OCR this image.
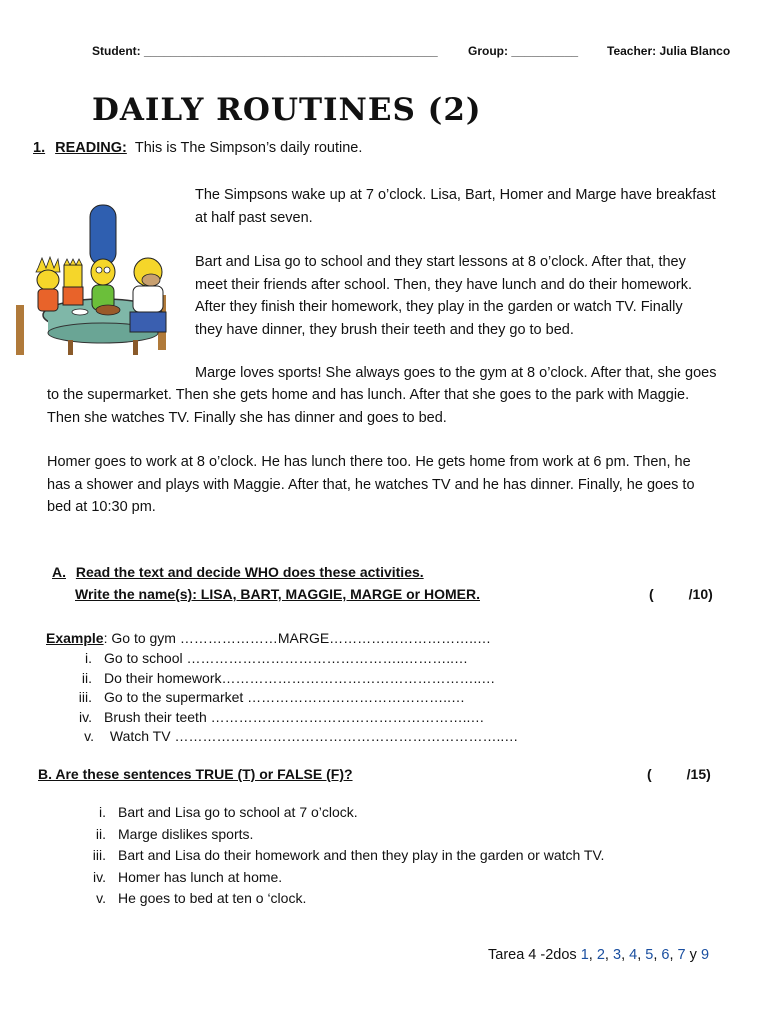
Student: ____________________________________________	Group: __________ Teacher: Julia Blanco
DAILY ROUTINES (2)
1. READING: This is The Simpson’s daily routine.
The Simpsons wake up at 7 o’clock. Lisa, Bart, Homer and Marge have breakfast
at half past seven.
Bart and Lisa go to school and they start lessons at 8 o’clock. After that, they
meet their friends after school. Then, they have lunch and do their homework.
After they finish their homework, they play in the garden or watch TV. Finally
they have dinner, they brush their teeth and they go to bed.
Marge loves sports! She always goes to the gym at 8 o’clock. After that, she goes
to the supermarket. Then she gets home and has lunch. After that she goes to the park with Maggie.
Then she watches TV. Finally she has dinner and goes to bed.
Homer goes to work at 8 o’clock. He has lunch there too. He gets home from work at 6 pm. Then, he
has a shower and plays with Maggie. After that, he watches TV and he has dinner. Finally, he goes to
bed at 10:30 pm.
A. Read the text and decide WHO does these activities.
Write the name(s): LISA, BART, MAGGIE, MARGE or HOMER.	(         /10)
Example: Go to gym …………………MARGE…………………………..…
i. Go to school ………………………………………..………..…
ii. Do their homework………………………………………………..…
iii. Go to the supermarket ……………………………………..…
iv. Brush their teeth ………………………………………………..…
v. Watch TV ……………………………………………………………..…
B. Are these sentences TRUE (T) or FALSE (F)?	(         /15)
i. Bart and Lisa go to school at 7 o’clock.
ii. Marge dislikes sports.
iii. Bart and Lisa do their homework and then they play in the garden or watch TV.
iv. Homer has lunch at home.
v. He goes to bed at ten o ‘clock.
Tarea 4 -2dos 1, 2, 3, 4, 5, 6, 7 y 9
